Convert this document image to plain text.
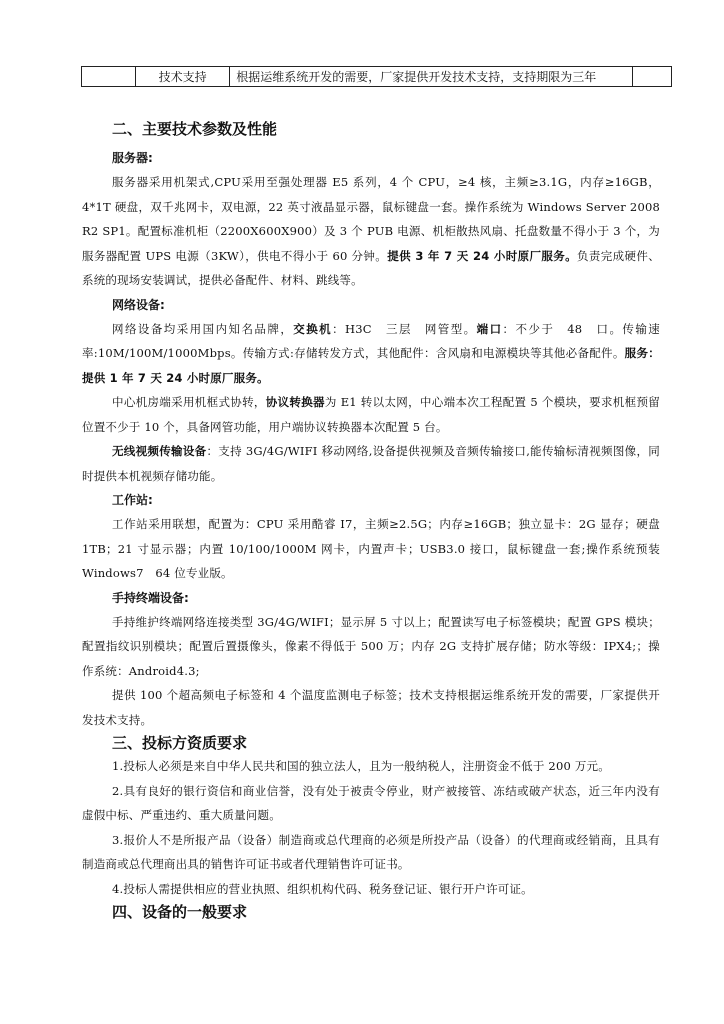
	技术支持	根据运维系统开发的需要，厂家提供开发技术支持，支持期限为三年	
二、主要技术参数及性能
服务器:

服务器采用机架式,CPU采用至强处理器 E5 系列，4 个 CPU，≥4 核，主频≥3.1G，内存≥16GB，4*1T 硬盘，双千兆网卡，双电源，22 英寸液晶显示器，鼠标键盘一套。操作系统为 Windows Server 2008 R2 SP1。配置标准机柜（2200X600X900）及 3 个 PUB 电源、机柜散热风扇、托盘数量不得小于 3 个，为服务器配置 UPS 电源（3KW），供电不得小于 60 分钟。提供 3 年 7 天 24 小时原厂服务。负责完成硬件、系统的现场安装调试，提供必备配件、材料、跳线等。

网络设备:

网络设备均采用国内知名品牌，交换机：H3C　三层　网管型。端口：不少于　48　口。传输速率:10M/100M/1000Mbps。传输方式:存储转发方式，其他配件：含风扇和电源模块等其他必备配件。服务：提供 1 年 7 天 24 小时原厂服务。

中心机房端采用机框式协转，协议转换器为 E1 转以太网，中心端本次工程配置 5 个模块，要求机框预留位置不少于 10 个，具备网管功能，用户端协议转换器本次配置 5 台。

无线视频传输设备：支持 3G/4G/WIFI 移动网络,设备提供视频及音频传输接口,能传输标清视频图像，同时提供本机视频存储功能。

工作站:

工作站采用联想，配置为：CPU 采用酷睿 I7，主频≥2.5G；内存≥16GB；独立显卡：2G 显存；硬盘 1TB；21 寸显示器；内置 10/100/1000M 网卡，内置声卡；USB3.0 接口，鼠标键盘一套;操作系统预装 Windows7　64 位专业版。

手持终端设备:

手持维护终端网络连接类型 3G/4G/WIFI；显示屏 5 寸以上；配置读写电子标签模块；配置 GPS 模块；配置指纹识别模块；配置后置摄像头，像素不得低于 500 万；内存 2G 支持扩展存储；防水等级：IPX4;；操作系统：Android4.3;

提供 100 个超高频电子标签和 4 个温度监测电子标签；技术支持根据运维系统开发的需要，厂家提供开发技术支持。

三、投标方资质要求

1.投标人必须是来自中华人民共和国的独立法人，且为一般纳税人，注册资金不低于 200 万元。

2.具有良好的银行资信和商业信誉，没有处于被责令停业，财产被接管、冻结或破产状态，近三年内没有虚假中标、严重违约、重大质量问题。

3.报价人不是所报产品（设备）制造商或总代理商的必须是所投产品（设备）的代理商或经销商，且具有制造商或总代理商出具的销售许可证书或者代理销售许可证书。

4.投标人需提供相应的营业执照、组织机构代码、税务登记证、银行开户许可证。

四、设备的一般要求
